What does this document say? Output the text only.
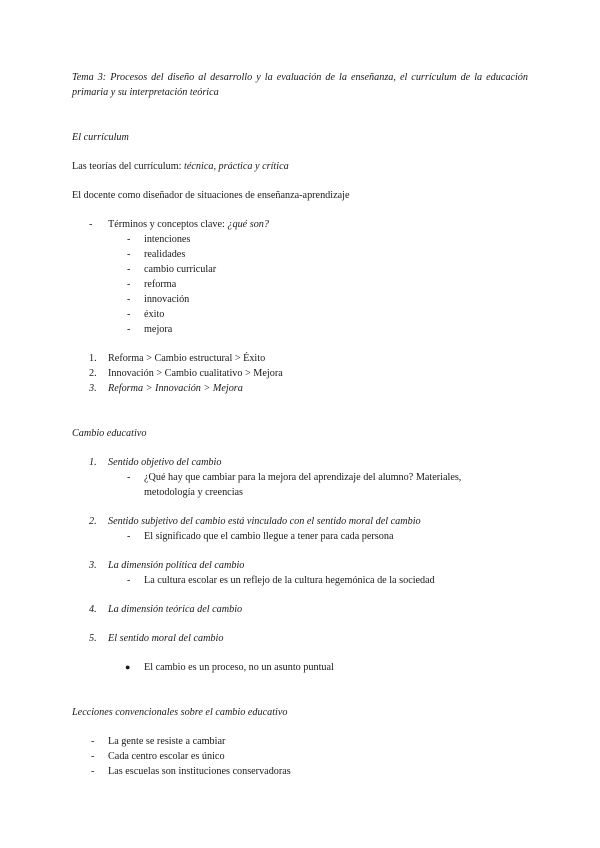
Tema 3: Procesos del diseño al desarrollo y la evaluación de la enseñanza, el currículum de la educación primaria y su interpretación teórica

El currículum

Las teorías del currículum: técnica, práctica y crítica

El docente como diseñador de situaciones de enseñanza-aprendizaje

- Términos y conceptos clave: ¿qué son?
- intenciones
- realidades
- cambio curricular
- reforma
- innovación
- éxito
- mejora
1. Reforma > Cambio estructural > Éxito
2. Innovación > Cambio cualitativo > Mejora
3. Reforma > Innovación > Mejora

Cambio educativo

1. Sentido objetivo del cambio
- ¿Qué hay que cambiar para la mejora del aprendizaje del alumno? Materiales,
metodología y creencias
2. Sentido subjetivo del cambio está vinculado con el sentido moral del cambio
- El significado que el cambio llegue a tener para cada persona
3. La dimensión política del cambio
- La cultura escolar es un reflejo de la cultura hegemónica de la sociedad
4. La dimensión teórica del cambio
5. El sentido moral del cambio
● El cambio es un proceso, no un asunto puntual

Lecciones convencionales sobre el cambio educativo

- La gente se resiste a cambiar
- Cada centro escolar es único
- Las escuelas son instituciones conservadoras
